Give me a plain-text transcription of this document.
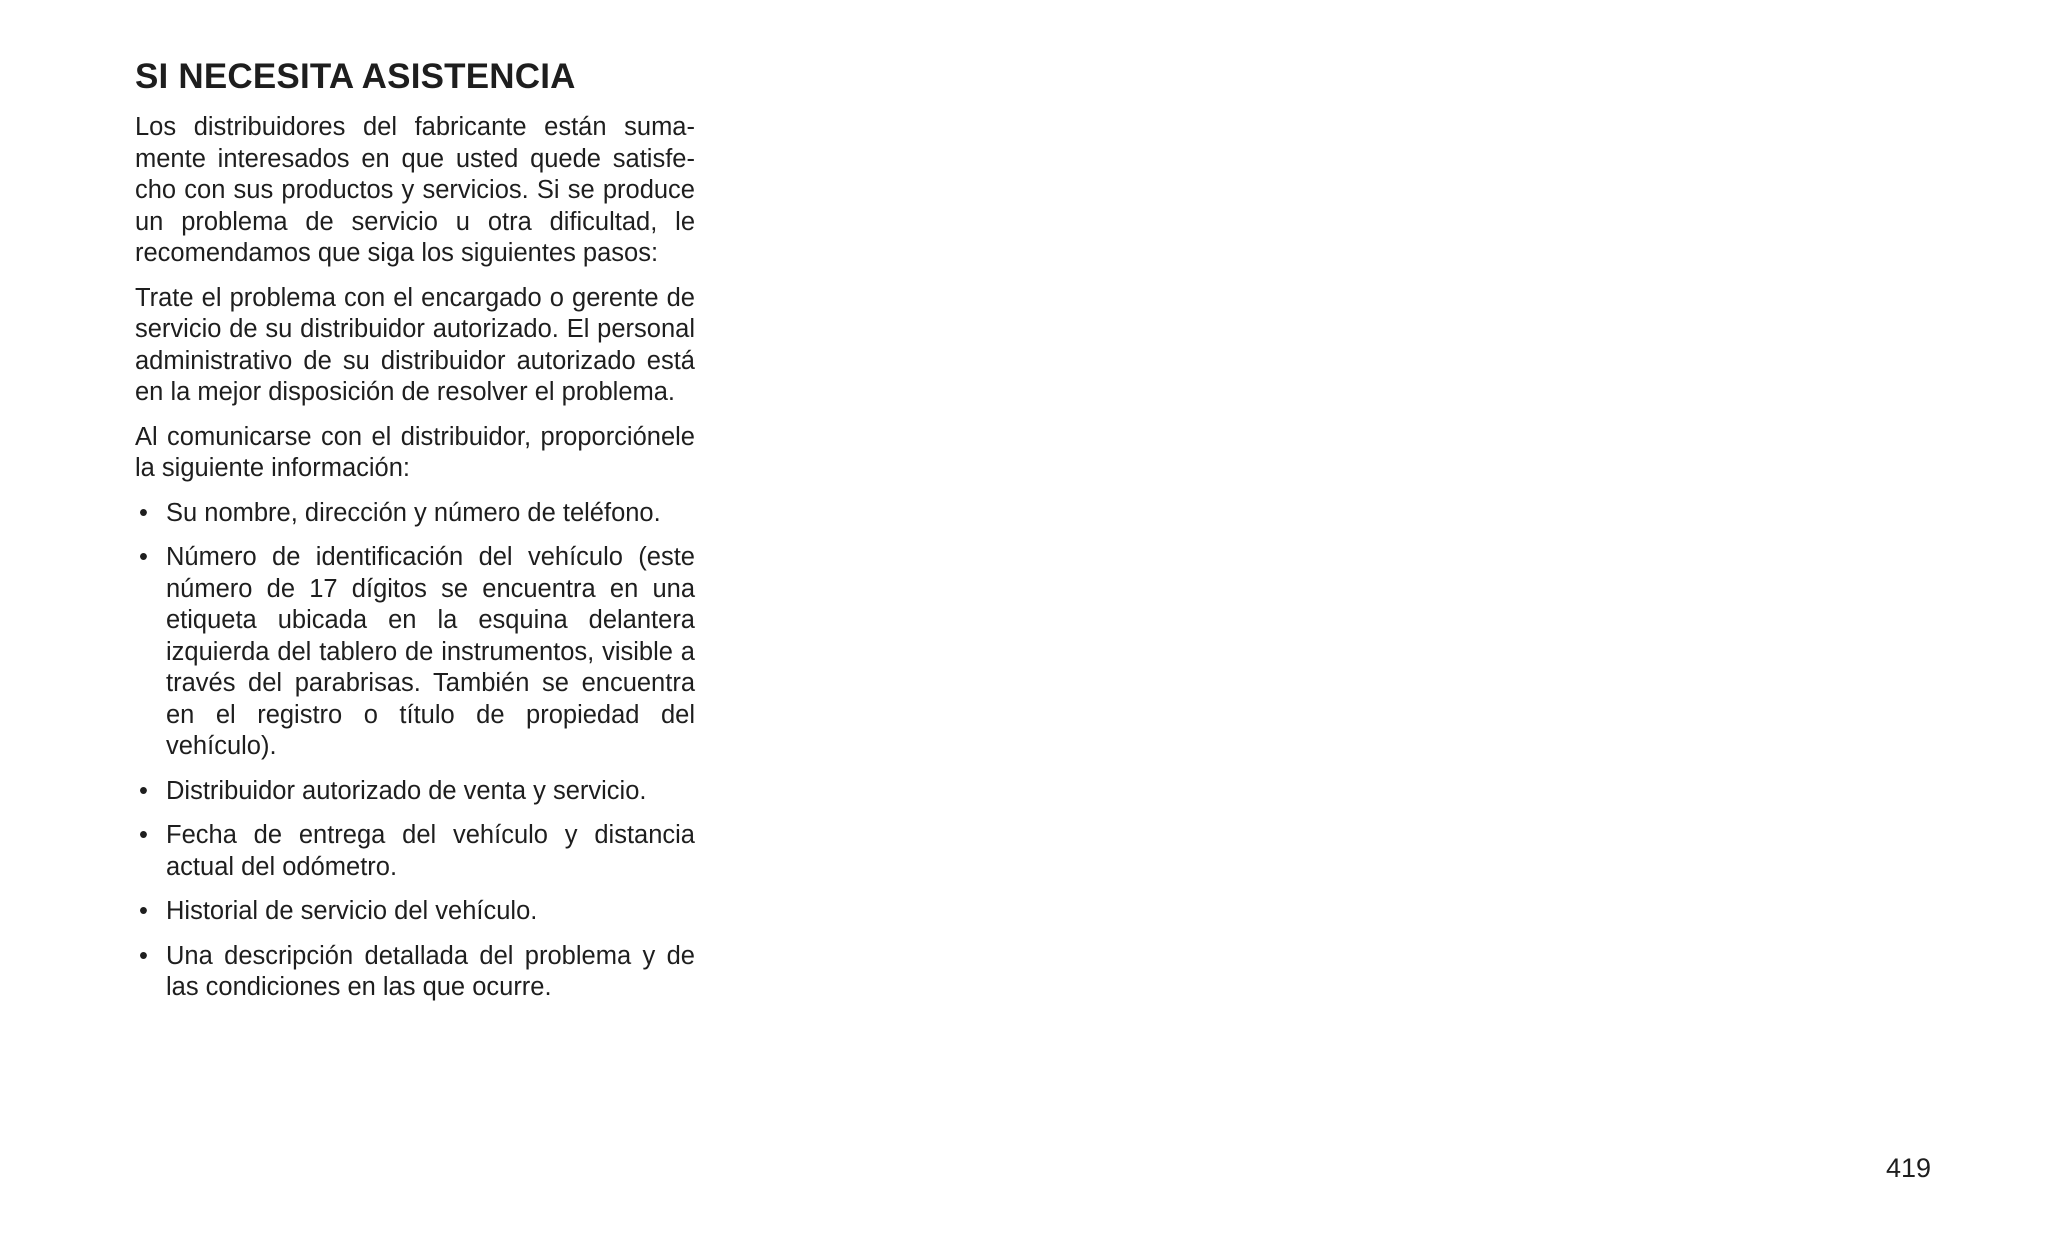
SI NECESITA ASISTENCIA

Los distribuidores del fabricante están sumamente interesados en que usted quede satisfecho con sus productos y servicios. Si se produce un problema de servicio u otra dificultad, le recomendamos que siga los siguientes pasos:

Trate el problema con el encargado o gerente de servicio de su distribuidor autorizado. El personal administrativo de su distribuidor autorizado está en la mejor disposición de resolver el problema.

Al comunicarse con el distribuidor, proporciónele la siguiente información:

• Su nombre, dirección y número de teléfono.
• Número de identificación del vehículo (este número de 17 dígitos se encuentra en una etiqueta ubicada en la esquina delantera izquierda del tablero de instrumentos, visible a través del parabrisas. También se encuentra en el registro o título de propiedad del vehículo).
• Distribuidor autorizado de venta y servicio.
• Fecha de entrega del vehículo y distancia actual del odómetro.
• Historial de servicio del vehículo.
• Una descripción detallada del problema y de las condiciones en las que ocurre.
419
